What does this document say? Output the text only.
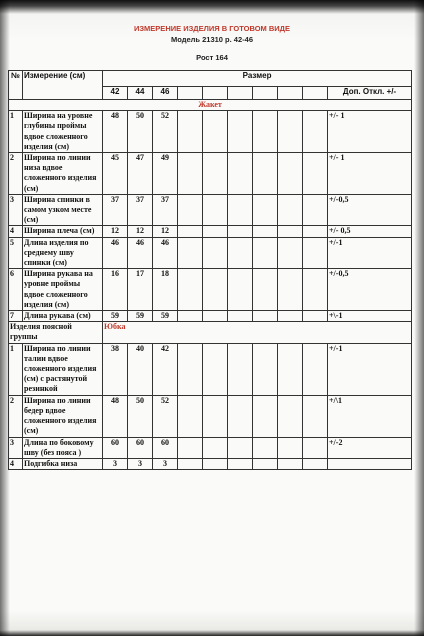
ИЗМЕРЕНИЕ ИЗДЕЛИЯ В ГОТОВОМ ВИДЕ
Модель 21310 р. 42-46
Рост 164
№	Измерение (см)	Размер									
		42	44	46							Доп. Откл. +/-
Жакет											
1	Ширина на уровне глубины проймы вдвое сложенного изделия (см)	48	50	52							+/- 1
2	Ширина по линии низа вдвое сложенного изделия (см)	45	47	49							+/- 1
3	Ширина спинки в самом узком месте (см)	37	37	37							+/-0,5
4	Ширина плеча (см)	12	12	12							+/- 0,5
5	Длина изделия по среднему шву спинки (см)	46	46	46							+/-1
6	Ширина рукава на уровне проймы вдвое сложенного изделия (см)	16	17	18							+/-0,5
7	Длина рукава (см)	59	59	59							+\-1
Изделия поясной группы		Юбка									
1	Ширина по линии талии вдвое сложенного изделия (см) с растянутой резинкой	38	40	42							+/-1
2	Ширина по линии бедер вдвое сложенного изделия (см)	48	50	52							+/\1
3	Длина по боковому шву (без пояса )	60	60	60							+/-2
4	Подгибка низа	3	3	3							
